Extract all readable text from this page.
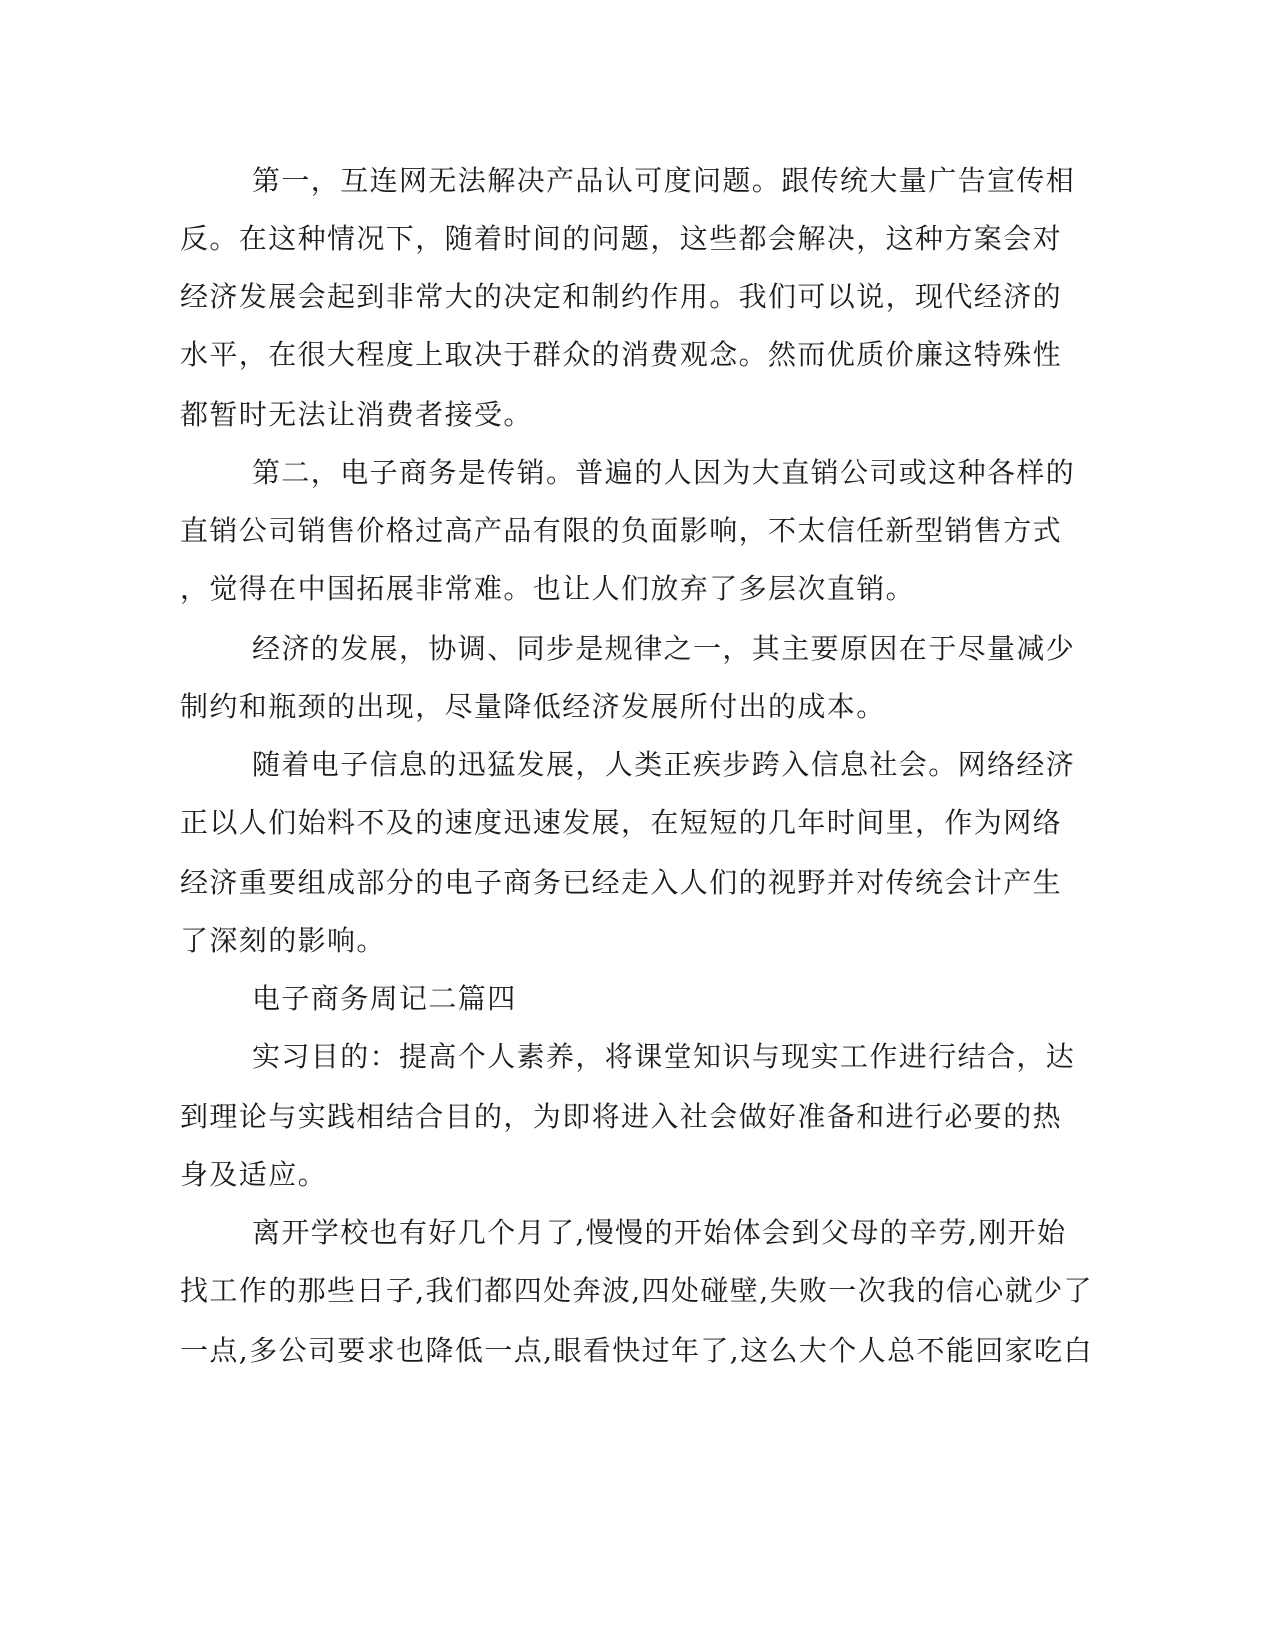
第一，互连网无法解决产品认可度问题。跟传统大量广告宣传相
反。在这种情况下，随着时间的问题，这些都会解决，这种方案会对
经济发展会起到非常大的决定和制约作用。我们可以说，现代经济的
水平，在很大程度上取决于群众的消费观念。然而优质价廉这特殊性
都暂时无法让消费者接受。
第二，电子商务是传销。普遍的人因为大直销公司或这种各样的
直销公司销售价格过高产品有限的负面影响，不太信任新型销售方式
，觉得在中国拓展非常难。也让人们放弃了多层次直销。
经济的发展，协调、同步是规律之一，其主要原因在于尽量减少
制约和瓶颈的出现，尽量降低经济发展所付出的成本。
随着电子信息的迅猛发展，人类正疾步跨入信息社会。网络经济
正以人们始料不及的速度迅速发展，在短短的几年时间里，作为网络
经济重要组成部分的电子商务已经走入人们的视野并对传统会计产生
了深刻的影响。
电子商务周记二篇四
实习目的：提高个人素养，将课堂知识与现实工作进行结合，达
到理论与实践相结合目的，为即将进入社会做好准备和进行必要的热
身及适应。
离开学校也有好几个月了,慢慢的开始体会到父母的辛劳,刚开始
找工作的那些日子,我们都四处奔波,四处碰壁,失败一次我的信心就少了
一点,多公司要求也降低一点,眼看快过年了,这么大个人总不能回家吃白
